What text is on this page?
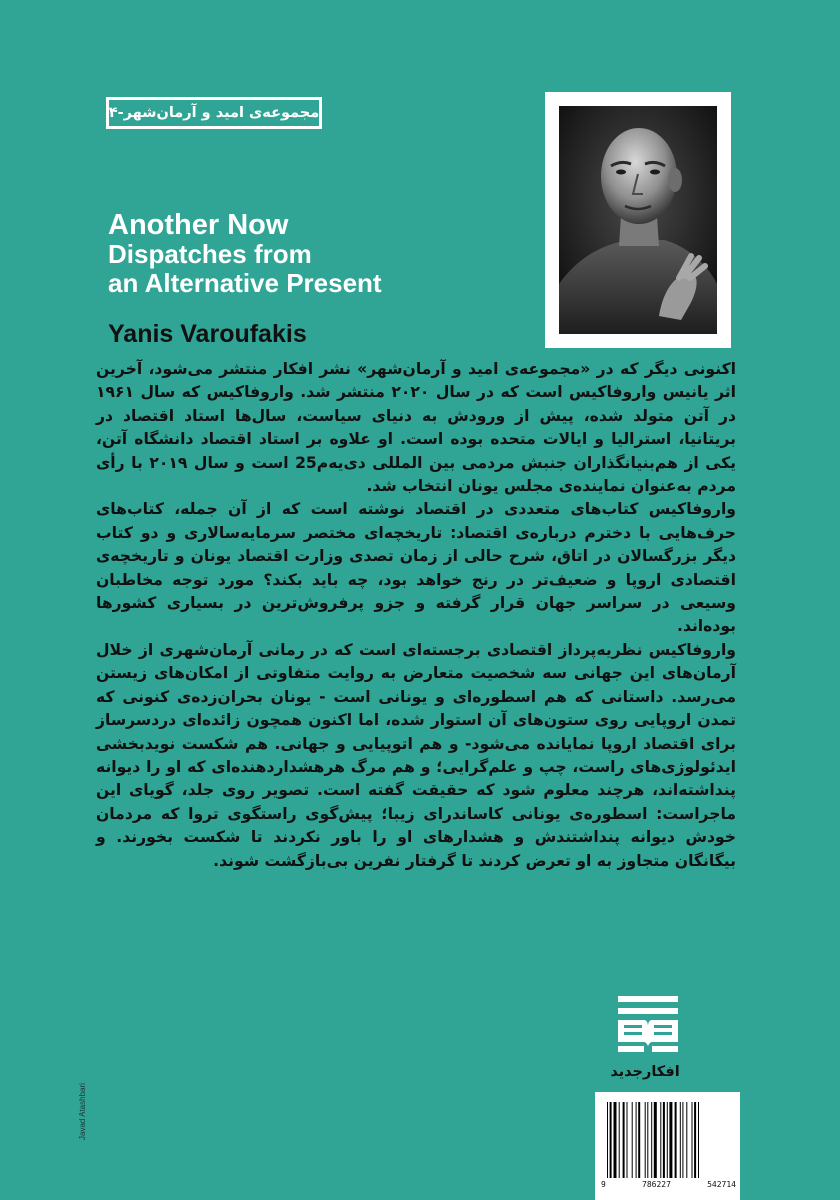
مجموعه‌ی امید و آرمان‌شهر-۴
Another Now
Dispatches from
an Alternative Present
Yanis Varoufakis

اکنونی دیگر که در «مجموعه‌ی امید و آرمان‌شهر» نشر افکار منتشر می‌شود، آخرین اثر یانیس وارو‌فاکیس است که در سال ۲۰۲۰ منتشر شد. واروفاکیس که سال ۱۹۶۱ در آتن متولد شده، پیش از ورودش به دنیای سیاست، سال‌ها استاد اقتصاد در بریتانیا، استرالیا و ایالات متحده بوده است. او علاوه بر استاد اقتصاد دانشگاه آتن، یکی از هم‌بنیانگذاران جنبش مردمی بین المللی دی‌یه‌م25 است و سال ۲۰۱۹ با رأی مردم به‌عنوان نماینده‌ی مجلس یونان انتخاب شد.

واروفاکیس کتاب‌های متعددی در اقتصاد نوشته است که از آن جمله، کتاب‌های حرف‌هایی با دخترم درباره‌ی اقتصاد: تاریخچه‌ای مختصر سرمایه‌سالاری و دو کتاب دیگر بزرگسالان در اتاق، شرح حالی از زمان تصدی وزارت اقتصاد یونان و تاریخچه‌ی اقتصادی اروپا و ضعیف‌تر در رنج خواهد بود، چه باید بکند؟ مورد توجه مخاطبان وسیعی در سراسر جهان قرار گرفته و جزو پرفروش‌ترین در بسیاری کشورها بوده‌اند.

واروفاکیس نظریه‌پرداز اقتصادی برجسته‌ای است که در رمانی آرمان‌شهری از خلال آرمان‌های این جهانی سه شخصیت متعارض به روایت متفاوتی از امکان‌های زیستن می‌رسد. داستانی که هم اسطوره‌ای و یونانی است - یونان بحران‌زده‌ی کنونی که تمدن اروپایی روی ستون‌های آن استوار شده، اما اکنون همچون زائده‌ای دردسرساز برای اقتصاد اروپا نمایانده می‌شود- و هم اتوپیایی و جهانی. هم شکست نویدبخشی ایدئولوژی‌های راست، چپ و علم‌گرایی؛ و هم مرگ هرهشداردهنده‌ای که او را دیوانه پنداشته‌اند، هرچند معلوم شود که حقیقت گفته است. تصویر روی جلد، گویای این ماجراست: اسطوره‌ی یونانی کاساندرای زیبا؛ پیش‌گوی راستگوی تروا که مردمان خودش دیوانه پنداشتندش و هشدارهای او را باور نکردند تا شکست بخورند. و بیگانگان متجاوز به او تعرض کردند تا گرفتار نفرین بی‌بازگشت شوند.

افکارجدید
9	786227	542714
Javad Atashbari
